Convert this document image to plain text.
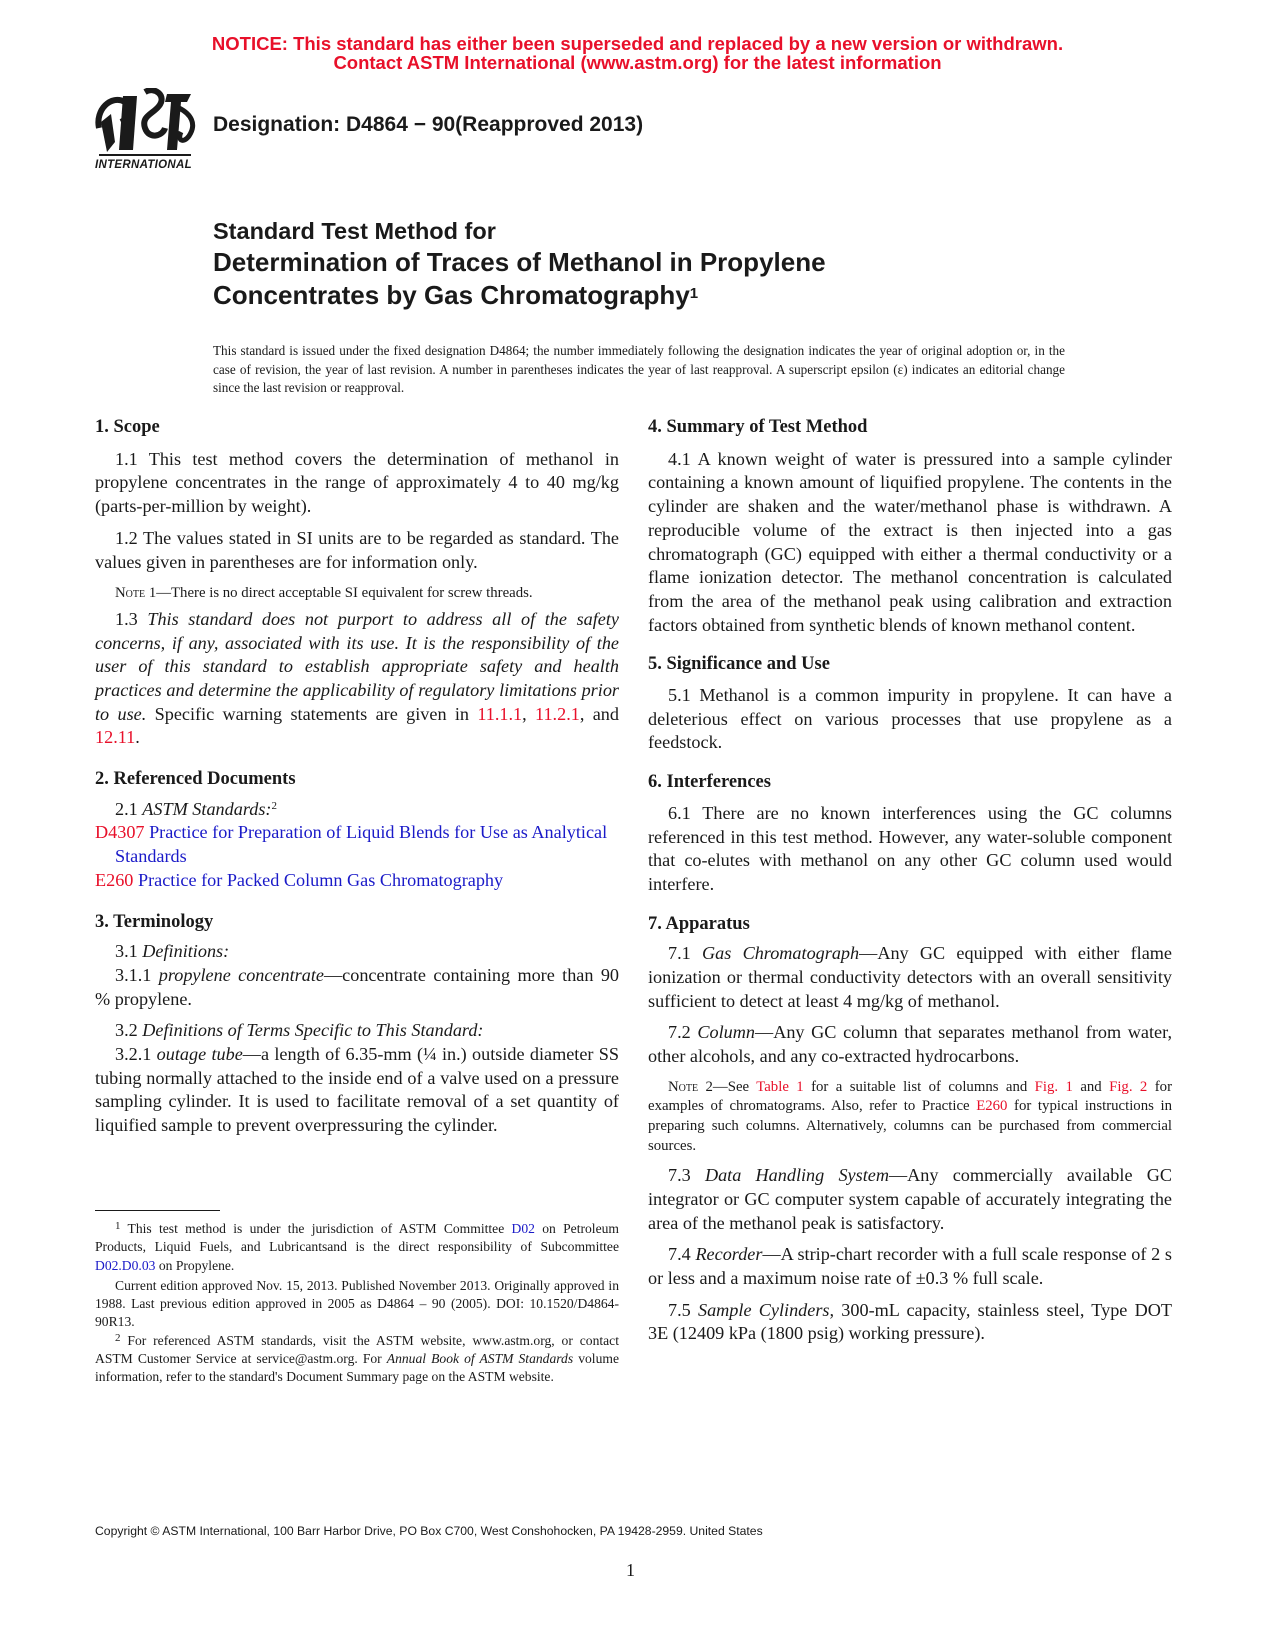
NOTICE: This standard has either been superseded and replaced by a new version or withdrawn.
Contact ASTM International (www.astm.org) for the latest information
INTERNATIONAL
Designation: D4864 − 90(Reapproved 2013)
Standard Test Method for
Determination of Traces of Methanol in Propylene
Concentrates by Gas Chromatography$^1$
This standard is issued under the fixed designation D4864; the number immediately following the designation indicates the year of original adoption or, in the case of revision, the year of last revision. A number in parentheses indicates the year of last reapproval. A superscript epsilon (ε) indicates an editorial change since the last revision or reapproval.
1. Scope

1.1 This test method covers the determination of methanol in propylene concentrates in the range of approximately 4 to 40 mg/kg (parts-per-million by weight).

1.2 The values stated in SI units are to be regarded as standard. The values given in parentheses are for information only.

Note 1—There is no direct acceptable SI equivalent for screw threads.

1.3 This standard does not purport to address all of the safety concerns, if any, associated with its use. It is the responsibility of the user of this standard to establish appropriate safety and health practices and determine the applicability of regulatory limitations prior to use. Specific warning statements are given in 11.1.1, 11.2.1, and 12.11.

2. Referenced Documents

2.1 ASTM Standards:$^2$

D4307 Practice for Preparation of Liquid Blends for Use as Analytical Standards

E260 Practice for Packed Column Gas Chromatography

3. Terminology

3.1 Definitions:

3.1.1 propylene concentrate—concentrate containing more than 90 % propylene.

3.2 Definitions of Terms Specific to This Standard:

3.2.1 outage tube—a length of 6.35-mm (¼ in.) outside diameter SS tubing normally attached to the inside end of a valve used on a pressure sampling cylinder. It is used to facilitate removal of a set quantity of liquified sample to prevent overpressuring the cylinder.

4. Summary of Test Method

4.1 A known weight of water is pressured into a sample cylinder containing a known amount of liquified propylene. The contents in the cylinder are shaken and the water/methanol phase is withdrawn. A reproducible volume of the extract is then injected into a gas chromatograph (GC) equipped with either a thermal conductivity or a flame ionization detector. The methanol concentration is calculated from the area of the methanol peak using calibration and extraction factors obtained from synthetic blends of known methanol content.

5. Significance and Use

5.1 Methanol is a common impurity in propylene. It can have a deleterious effect on various processes that use propylene as a feedstock.

6. Interferences

6.1 There are no known interferences using the GC columns referenced in this test method. However, any water-soluble component that co-elutes with methanol on any other GC column used would interfere.

7. Apparatus

7.1 Gas Chromatograph—Any GC equipped with either flame ionization or thermal conductivity detectors with an overall sensitivity sufficient to detect at least 4 mg/kg of methanol.

7.2 Column—Any GC column that separates methanol from water, other alcohols, and any co-extracted hydrocarbons.

Note 2—See Table 1 for a suitable list of columns and Fig. 1 and Fig. 2 for examples of chromatograms. Also, refer to Practice E260 for typical instructions in preparing such columns. Alternatively, columns can be purchased from commercial sources.

7.3 Data Handling System—Any commercially available GC integrator or GC computer system capable of accurately integrating the area of the methanol peak is satisfactory.

7.4 Recorder—A strip-chart recorder with a full scale response of 2 s or less and a maximum noise rate of ±0.3 % full scale.

7.5 Sample Cylinders, 300-mL capacity, stainless steel, Type DOT 3E (12409 kPa (1800 psig) working pressure).

$^1$ This test method is under the jurisdiction of ASTM Committee D02 on Petroleum Products, Liquid Fuels, and Lubricantsand is the direct responsibility of Subcommittee D02.D0.03 on Propylene.

Current edition approved Nov. 15, 2013. Published November 2013. Originally approved in 1988. Last previous edition approved in 2005 as D4864 – 90 (2005). DOI: 10.1520/D4864-90R13.

$^2$ For referenced ASTM standards, visit the ASTM website, www.astm.org, or contact ASTM Customer Service at service@astm.org. For Annual Book of ASTM Standards volume information, refer to the standard's Document Summary page on the ASTM website.

Copyright © ASTM International, 100 Barr Harbor Drive, PO Box C700, West Conshohocken, PA 19428-2959. United States
1
